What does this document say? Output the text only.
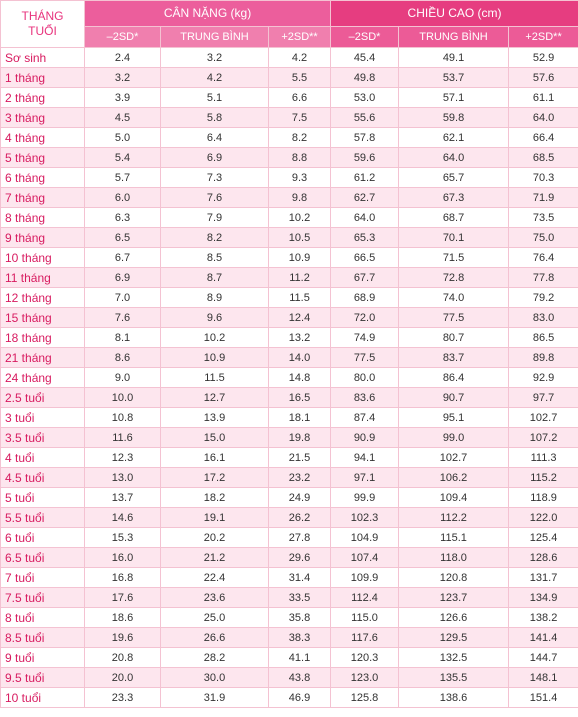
THÁNG
TUỔI	CÂN NẶNG (kg)			CHIỀU CAO (cm)		
	–2SD*	TRUNG BÌNH	+2SD**	–2SD*	TRUNG BÌNH	+2SD**
Sơ sinh	2.4	3.2	4.2	45.4	49.1	52.9
1 tháng	3.2	4.2	5.5	49.8	53.7	57.6
2 tháng	3.9	5.1	6.6	53.0	57.1	61.1
3 tháng	4.5	5.8	7.5	55.6	59.8	64.0
4 tháng	5.0	6.4	8.2	57.8	62.1	66.4
5 tháng	5.4	6.9	8.8	59.6	64.0	68.5
6 tháng	5.7	7.3	9.3	61.2	65.7	70.3
7 tháng	6.0	7.6	9.8	62.7	67.3	71.9
8 tháng	6.3	7.9	10.2	64.0	68.7	73.5
9 tháng	6.5	8.2	10.5	65.3	70.1	75.0
10 tháng	6.7	8.5	10.9	66.5	71.5	76.4
11 tháng	6.9	8.7	11.2	67.7	72.8	77.8
12 tháng	7.0	8.9	11.5	68.9	74.0	79.2
15 tháng	7.6	9.6	12.4	72.0	77.5	83.0
18 tháng	8.1	10.2	13.2	74.9	80.7	86.5
21 tháng	8.6	10.9	14.0	77.5	83.7	89.8
24 tháng	9.0	11.5	14.8	80.0	86.4	92.9
2.5 tuổi	10.0	12.7	16.5	83.6	90.7	97.7
3 tuổi	10.8	13.9	18.1	87.4	95.1	102.7
3.5 tuổi	11.6	15.0	19.8	90.9	99.0	107.2
4 tuổi	12.3	16.1	21.5	94.1	102.7	111.3
4.5 tuổi	13.0	17.2	23.2	97.1	106.2	115.2
5 tuổi	13.7	18.2	24.9	99.9	109.4	118.9
5.5 tuổi	14.6	19.1	26.2	102.3	112.2	122.0
6 tuổi	15.3	20.2	27.8	104.9	115.1	125.4
6.5 tuổi	16.0	21.2	29.6	107.4	118.0	128.6
7 tuổi	16.8	22.4	31.4	109.9	120.8	131.7
7.5 tuổi	17.6	23.6	33.5	112.4	123.7	134.9
8 tuổi	18.6	25.0	35.8	115.0	126.6	138.2
8.5 tuổi	19.6	26.6	38.3	117.6	129.5	141.4
9 tuổi	20.8	28.2	41.1	120.3	132.5	144.7
9.5 tuổi	20.0	30.0	43.8	123.0	135.5	148.1
10 tuổi	23.3	31.9	46.9	125.8	138.6	151.4
